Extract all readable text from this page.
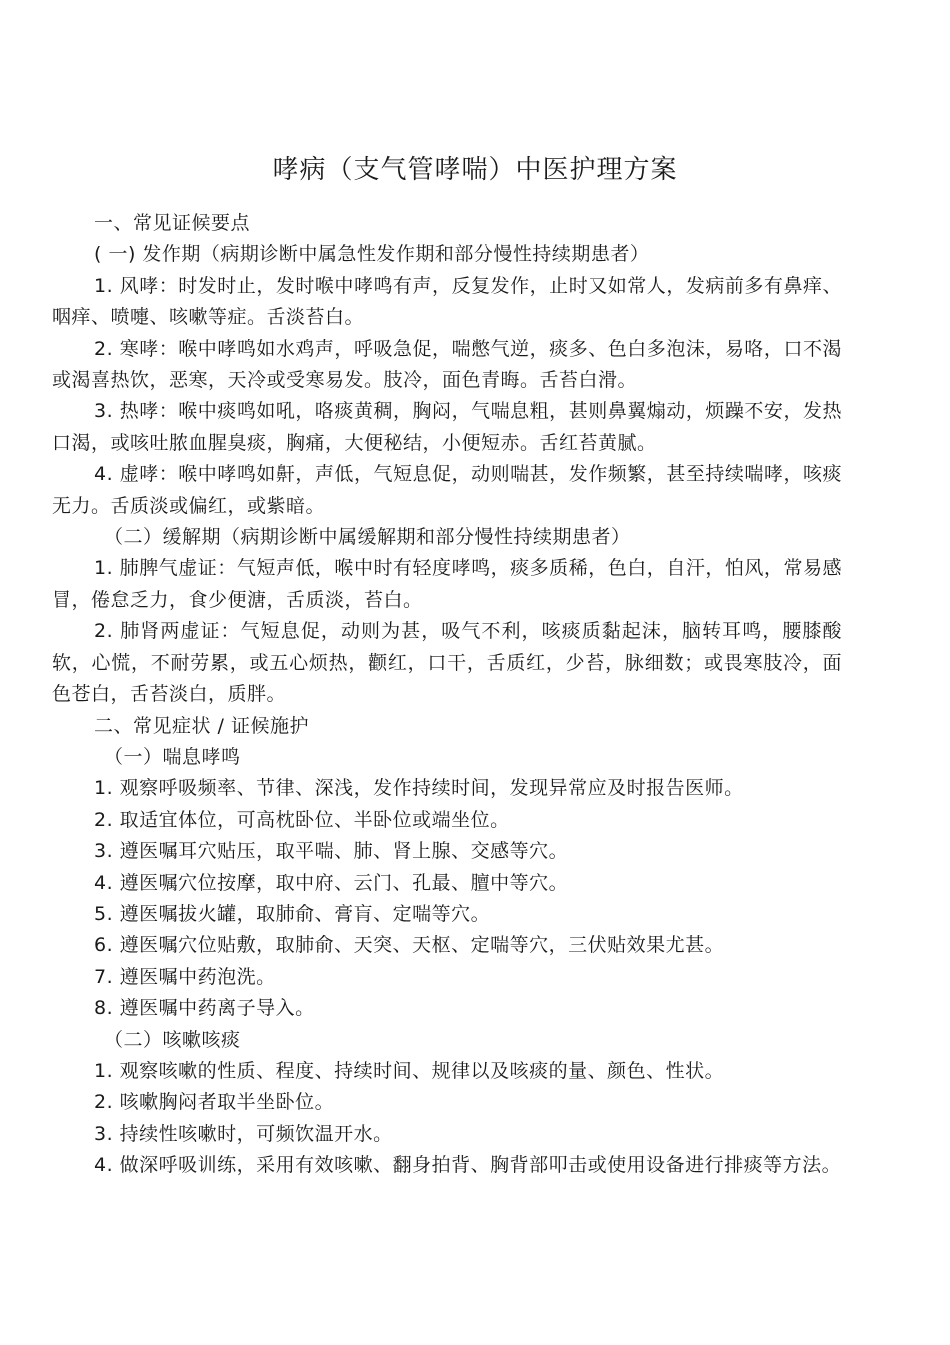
哮病（支气管哮喘）中医护理方案

一、常见证候要点

( 一) 发作期（病期诊断中属急性发作期和部分慢性持续期患者）

1. 风哮：时发时止，发时喉中哮鸣有声，反复发作，止时又如常人，发病前多有鼻痒、咽痒、喷嚏、咳嗽等症。舌淡苔白。

2. 寒哮：喉中哮鸣如水鸡声，呼吸急促，喘憋气逆，痰多、色白多泡沫，易咯，口不渴或渴喜热饮，恶寒，天冷或受寒易发。肢冷，面色青晦。舌苔白滑。

3. 热哮：喉中痰鸣如吼，咯痰黄稠，胸闷，气喘息粗，甚则鼻翼煽动，烦躁不安，发热口渴，或咳吐脓血腥臭痰，胸痛，大便秘结，小便短赤。舌红苔黄腻。

4. 虚哮：喉中哮鸣如鼾，声低，气短息促，动则喘甚，发作频繁，甚至持续喘哮，咳痰无力。舌质淡或偏红，或紫暗。

（二）缓解期（病期诊断中属缓解期和部分慢性持续期患者）

1. 肺脾气虚证：气短声低，喉中时有轻度哮鸣，痰多质稀，色白，自汗，怕风，常易感冒，倦怠乏力，食少便溏，舌质淡，苔白。

2. 肺肾两虚证：气短息促，动则为甚，吸气不利，咳痰质黏起沫，脑转耳鸣，腰膝酸软，心慌，不耐劳累，或五心烦热，颧红，口干，舌质红，少苔，脉细数；或畏寒肢冷，面色苍白，舌苔淡白，质胖。

二、常见症状 / 证候施护

（一）喘息哮鸣

1. 观察呼吸频率、节律、深浅，发作持续时间，发现异常应及时报告医师。

2. 取适宜体位，可高枕卧位、半卧位或端坐位。

3. 遵医嘱耳穴贴压，取平喘、肺、肾上腺、交感等穴。

4. 遵医嘱穴位按摩，取中府、云门、孔最、膻中等穴。

5. 遵医嘱拔火罐，取肺俞、膏肓、定喘等穴。

6. 遵医嘱穴位贴敷，取肺俞、天突、天枢、定喘等穴，三伏贴效果尤甚。

7. 遵医嘱中药泡洗。

8. 遵医嘱中药离子导入。

（二）咳嗽咳痰

1. 观察咳嗽的性质、程度、持续时间、规律以及咳痰的量、颜色、性状。

2. 咳嗽胸闷者取半坐卧位。

3. 持续性咳嗽时，可频饮温开水。

4. 做深呼吸训练，采用有效咳嗽、翻身拍背、胸背部叩击或使用设备进行排痰等方法。
